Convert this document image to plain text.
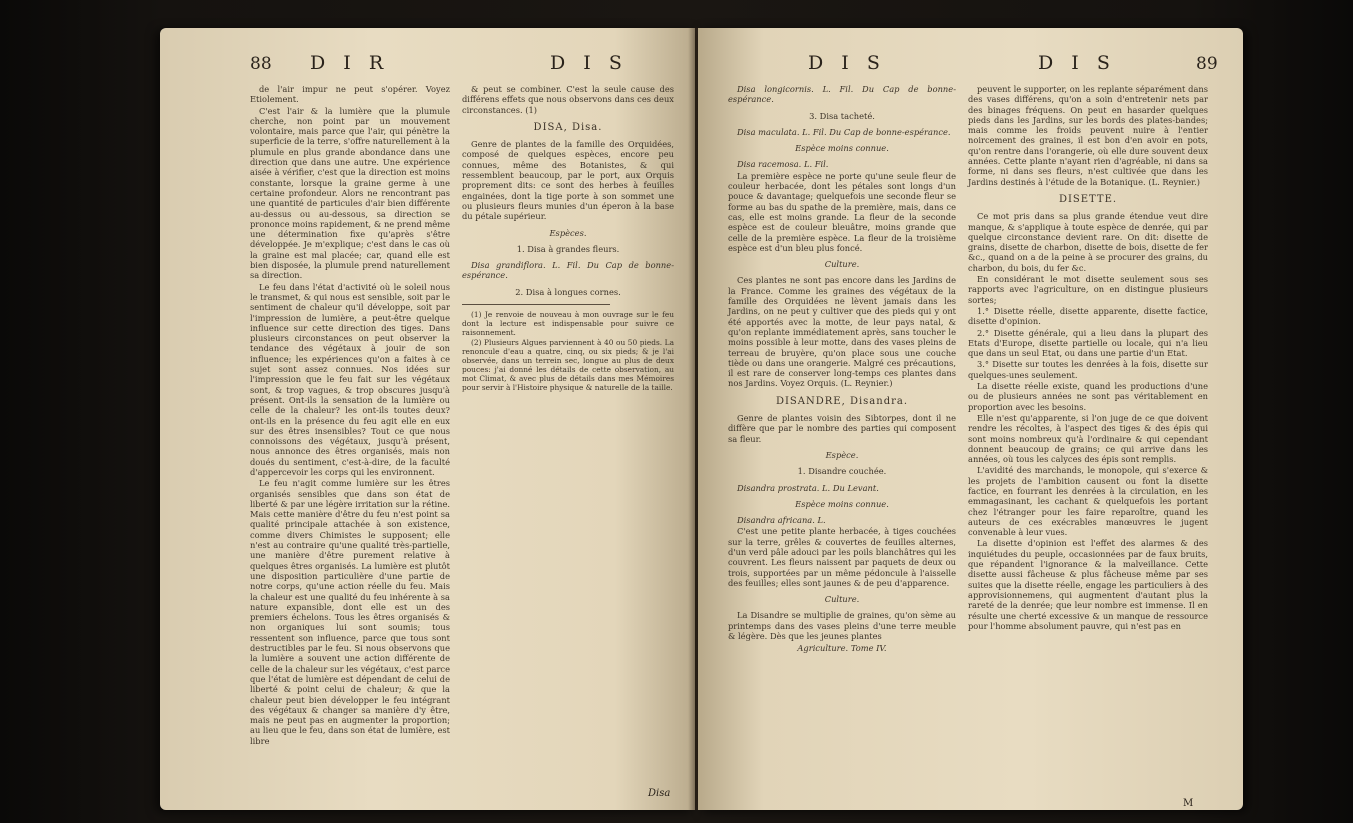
88 D I R	D I S

de l'air impur ne peut s'opérer. Voyez Etiolement.

C'est l'air & la lumière que la plumule cherche, non point par un mouvement volontaire, mais parce que l'air, qui pénètre la superficie de la terre, s'offre naturellement à la plumule en plus grande abondance dans une direction que dans une autre. Une expérience aisée à vérifier, c'est que la direction est moins constante, lorsque la graine germe à une certaine profondeur. Alors ne rencontrant pas une quantité de particules d'air bien différente au-dessus ou au-dessous, sa direction se prononce moins rapidement, & ne prend même une détermination fixe qu'après s'être développée. Je m'explique; c'est dans le cas où la graine est mal placée; car, quand elle est bien disposée, la plumule prend naturellement sa direction.

Le feu dans l'état d'activité où le soleil nous le transmet, & qui nous est sensible, soit par le sentiment de chaleur qu'il développe, soit par l'impression de lumière, a peut-être quelque influence sur cette direction des tiges. Dans plusieurs circonstances on peut observer la tendance des végétaux à jouir de son influence; les expériences qu'on a faites à ce sujet sont assez connues. Nos idées sur l'impression que le feu fait sur les végétaux sont, & trop vagues, & trop obscures jusqu'à présent. Ont-ils la sensation de la lumière ou celle de la chaleur? les ont-ils toutes deux? ont-ils en la présence du feu agit elle en eux sur des êtres insensibles? Tout ce que nous connoissons des végétaux, jusqu'à présent, nous annonce des êtres organisés, mais non doués du sentiment, c'est-à-dire, de la faculté d'appercevoir les corps qui les environnent.

Le feu n'agit comme lumière sur les êtres organisés sensibles que dans son état de liberté & par une légère irritation sur la rétine. Mais cette manière d'être du feu n'est point sa qualité principale attachée à son existence, comme divers Chimistes le supposent; elle n'est au contraire qu'une qualité très-partielle, une manière d'être purement relative à quelques êtres organisés. La lumière est plutôt une disposition particulière d'une partie de notre corps, qu'une action réelle du feu. Mais la chaleur est une qualité du feu inhérente à sa nature expansible, dont elle est un des premiers échelons. Tous les êtres organisés & non organiques lui sont soumis; tous ressentent son influence, parce que tous sont destructibles par le feu. Si nous observons que la lumière a souvent une action différente de celle de la chaleur sur les végétaux, c'est parce que l'état de lumière est dépendant de celui de liberté & point celui de chaleur; & que la chaleur peut bien développer le feu intégrant des végétaux & changer sa manière d'y être, mais ne peut pas en augmenter la proportion; au lieu que le feu, dans son état de lumière, est libre

& peut se combiner. C'est la seule cause des différens effets que nous observons dans ces deux circonstances. (1)

DISA, Disa.

Genre de plantes de la famille des Orquidées, composé de quelques espèces, encore peu connues, même des Botanistes, & qui ressemblent beaucoup, par le port, aux Orquis proprement dits: ce sont des herbes à feuilles engainées, dont la tige porte à son sommet une ou plusieurs fleurs munies d'un éperon à la base du pétale supérieur.

Espèces.

1. Disa à grandes fleurs.

Disa grandiflora. L. Fil. Du Cap de bonne-espérance.

2. Disa à longues cornes.

(1) Je renvoie de nouveau à mon ouvrage sur le feu dont la lecture est indispensable pour suivre ce raisonnement.

(2) Plusieurs Algues parviennent à 40 ou 50 pieds. La renoncule d'eau a quatre, cinq, ou six pieds; & je l'ai observée, dans un terrein sec, longue au plus de deux pouces: j'ai donné les détails de cette observation, au mot Climat, & avec plus de détails dans mes Mémoires pour servir à l'Histoire physique & naturelle de la taille.

Disa
D I S	D I S	89

Disa longicornis. L. Fil. Du Cap de bonne-espérance.

3. Disa tacheté.

Disa maculata. L. Fil. Du Cap de bonne-espérance.

Espèce moins connue.

Disa racemosa. L. Fil.

La première espèce ne porte qu'une seule fleur de couleur herbacée, dont les pétales sont longs d'un pouce & davantage; quelquefois une seconde fleur se forme au bas du spathe de la première, mais, dans ce cas, elle est moins grande. La fleur de la seconde espèce est de couleur bleuâtre, moins grande que celle de la première espèce. La fleur de la troisième espèce est d'un bleu plus foncé.

Culture.

Ces plantes ne sont pas encore dans les Jardins de la France. Comme les graines des végétaux de la famille des Orquidées ne lèvent jamais dans les Jardins, on ne peut y cultiver que des pieds qui y ont été apportés avec la motte, de leur pays natal, & qu'on replante immédiatement après, sans toucher le moins possible à leur motte, dans des vases pleins de terreau de bruyère, qu'on place sous une couche tiède ou dans une orangerie. Malgré ces précautions, il est rare de conserver long-temps ces plantes dans nos Jardins. Voyez Orquis. (L. Reynier.)

DISANDRE, Disandra.

Genre de plantes voisin des Sibtorpes, dont il ne diffère que par le nombre des parties qui composent sa fleur.

Espèce.

1. Disandre couchée.

Disandra prostrata. L. Du Levant.

Espèce moins connue.

Disandra africana. L.

C'est une petite plante herbacée, à tiges couchées sur la terre, grêles & couvertes de feuilles alternes, d'un verd pâle adouci par les poils blanchâtres qui les couvrent. Les fleurs naissent par paquets de deux ou trois, supportées par un même pédoncule à l'aisselle des feuilles; elles sont jaunes & de peu d'apparence.

Culture.

La Disandre se multiplie de graines, qu'on sème au printemps dans des vases pleins d'une terre meuble & légère. Dès que les jeunes plantes

Agriculture. Tome IV.

peuvent le supporter, on les replante séparément dans des vases différens, qu'on a soin d'entretenir nets par des binages fréquens. On peut en hasarder quelques pieds dans les Jardins, sur les bords des plates-bandes; mais comme les froids peuvent nuire à l'entier noircement des graines, il est bon d'en avoir en pots, qu'on rentre dans l'orangerie, où elle dure souvent deux années. Cette plante n'ayant rien d'agréable, ni dans sa forme, ni dans ses fleurs, n'est cultivée que dans les Jardins destinés à l'étude de la Botanique. (L. Reynier.)

DISETTE.

Ce mot pris dans sa plus grande étendue veut dire manque, & s'applique à toute espèce de denrée, qui par quelque circonstance devient rare. On dit: disette de grains, disette de charbon, disette de bois, disette de fer &c., quand on a de la peine à se procurer des grains, du charbon, du bois, du fer &c.

En considérant le mot disette seulement sous ses rapports avec l'agriculture, on en distingue plusieurs sortes;

1.° Disette réelle, disette apparente, disette factice, disette d'opinion.

2.° Disette générale, qui a lieu dans la plupart des Etats d'Europe, disette partielle ou locale, qui n'a lieu que dans un seul Etat, ou dans une partie d'un Etat.

3.° Disette sur toutes les denrées à la fois, disette sur quelques-unes seulement.

La disette réelle existe, quand les productions d'une ou de plusieurs années ne sont pas véritablement en proportion avec les besoins.

Elle n'est qu'apparente, si l'on juge de ce que doivent rendre les récoltes, à l'aspect des tiges & des épis qui sont moins nombreux qu'à l'ordinaire & qui cependant donnent beaucoup de grains; ce qui arrive dans les années, où tous les calyces des épis sont remplis.

L'avidité des marchands, le monopole, qui s'exerce & les projets de l'ambition causent ou font la disette factice, en fourrant les denrées à la circulation, en les emmagasinant, les cachant & quelquefois les portant chez l'étranger pour les faire reparoître, quand les auteurs de ces exécrables manœuvres le jugent convenable à leur vues.

La disette d'opinion est l'effet des alarmes & des inquiétudes du peuple, occasionnées par de faux bruits, que répandent l'ignorance & la malveillance. Cette disette aussi fâcheuse & plus fâcheuse même par ses suites que la disette réelle, engage les particuliers à des approvisionnemens, qui augmentent d'autant plus la rareté de la denrée; que leur nombre est immense. Il en résulte une cherté excessive & un manque de ressource pour l'homme absolument pauvre, qui n'est pas en

M
